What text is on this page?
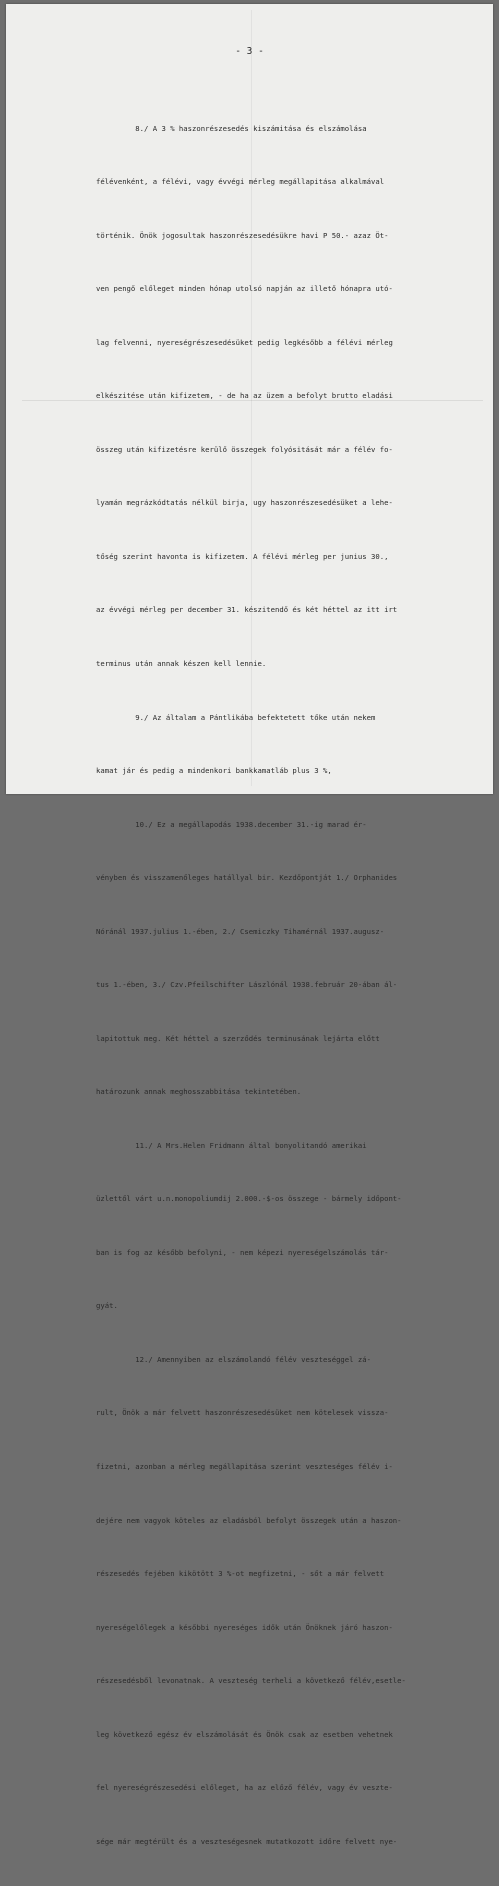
- 3 -

8./ A 3 % haszonrészesedés kiszámitása és elszámolása

félévenként, a félévi, vagy évvégi mérleg megállapitása alkalmával

történik. Önök jogosultak haszonrészesedésükre havi P 50.- azaz Öt-

ven pengő előleget minden hónap utolsó napján az illető hónapra utó-

lag felvenni, nyereségrészesedésüket pedig legkésőbb a félévi mérleg

elkészitése után kifizetem, - de ha az üzem a befolyt brutto eladási

összeg után kifizetésre kerülő összegek folyósitását már a félév fo-

lyamán megrázkódtatás nélkül birja, ugy haszonrészesedésüket a lehe-

tőség szerint havonta is kifizetem. A félévi mérleg per junius 30.,

az évvégi mérleg per december 31. készitendő és két héttel az itt irt

terminus után annak készen kell lennie.

9./ Az általam a Pántlikába befektetett tőke után nekem

kamat jár és pedig a mindenkori bankkamatláb plus 3 %,

10./ Ez a megállapodás 1938.december 31.-ig marad ér-

vényben és visszamenőleges hatállyal bir. Kezdőpontját 1./ Orphanides

Nóránál 1937.julius 1.-ében, 2./ Csemiczky Tihamérnál 1937.augusz-

tus 1.-ében, 3./ Czv.Pfeilschifter Lászlónál 1938.február 20-ában ál-

lapitottuk meg. Két héttel a szerződés terminusának lejárta előtt

határozunk annak meghosszabbitása tekintetében.

11./ A Mrs.Helen Fridmann által bonyolitandó amerikai

üzlettől várt u.n.monopoliumdij 2.000.-$-os összege - bármely időpont-

ban is fog az később befolyni, - nem képezi nyereségelszámolás tár-

gyát.

12./ Amennyiben az elszámolandó félév veszteséggel zá-

rult, Önök a már felvett haszonrészesedésüket nem kötelesek vissza-

fizetni, azonban a mérleg megállapitása szerint veszteséges félév i-

dejére nem vagyok köteles az eladásból befolyt összegek után a haszon-

részesedés fejében kikötött 3 %-ot megfizetni, - sőt a már felvett

nyereségelőlegek a későbbi nyereséges idők után Önöknek járó haszon-

részesedésből levonatnak. A veszteség terheli a következő félév,esetle-

leg következő egész év elszámolását és Önök csak az esetben vehetnek

fel nyereségrészesedési előleget, ha az előző félév, vagy év veszte-

sége már megtérült és a veszteségesnek mutatkozott időre felvett nye-
